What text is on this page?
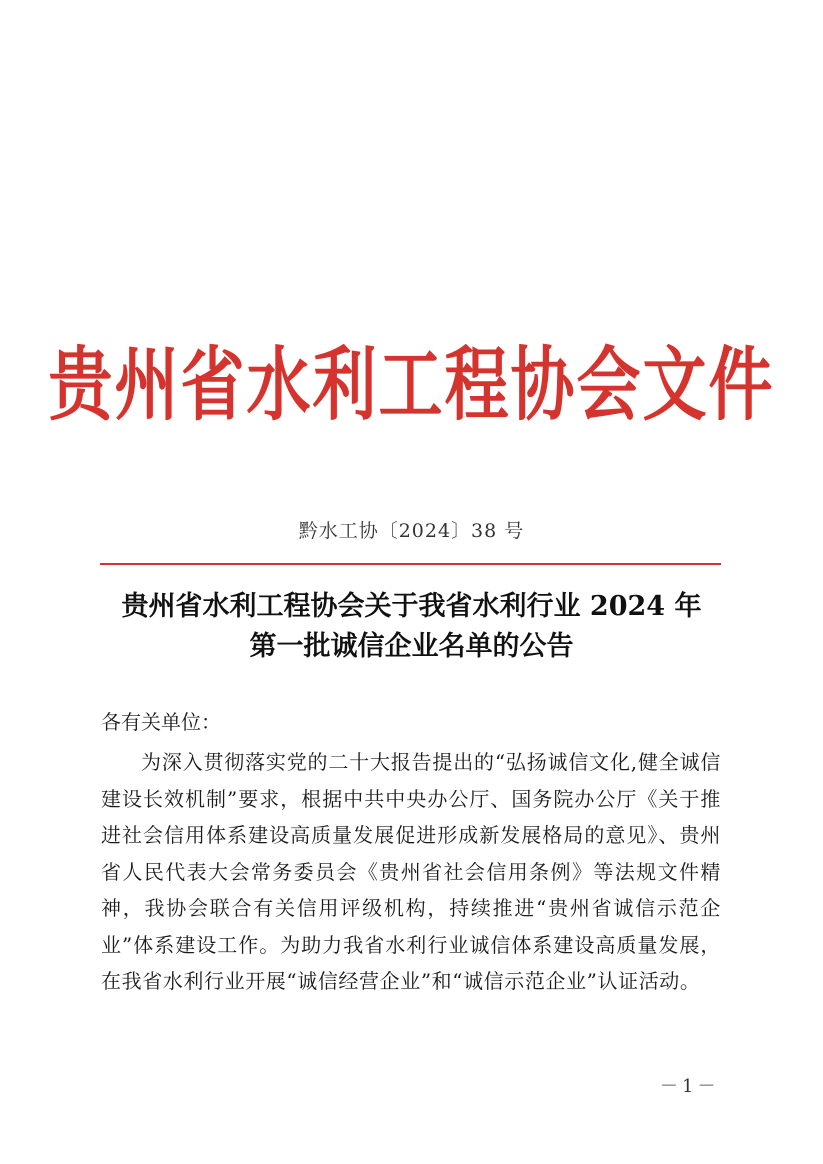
贵州省水利工程协会文件
黔水工协〔2024〕38 号
贵州省水利工程协会关于我省水利行业 2024 年
第一批诚信企业名单的公告
各有关单位：
为深入贯彻落实党的二十大报告提出的“弘扬诚信文化,健全诚信建设长效机制”要求，根据中共中央办公厅、国务院办公厅《关于推进社会信用体系建设高质量发展促进形成新发展格局的意见》、贵州省人民代表大会常务委员会《贵州省社会信用条例》等法规文件精神，我协会联合有关信用评级机构，持续推进“贵州省诚信示范企业”体系建设工作。为助力我省水利行业诚信体系建设高质量发展，在我省水利行业开展“诚信经营企业”和“诚信示范企业”认证活动。
－1－
